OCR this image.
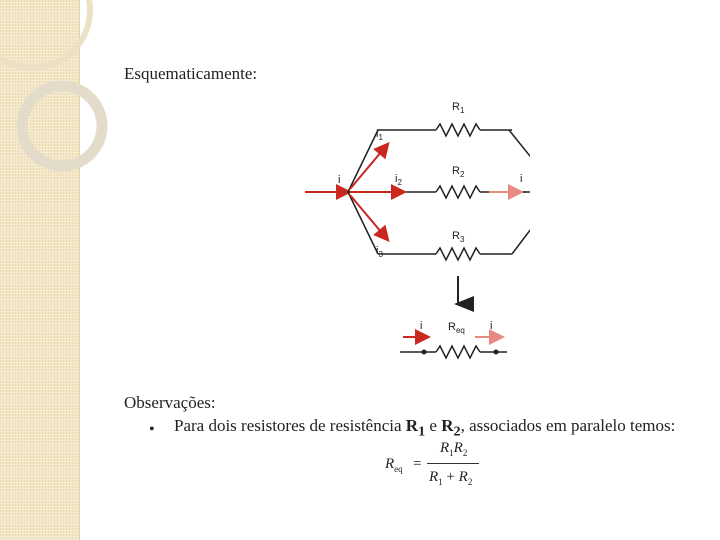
Esquematicamente:
i
$i_1$
$i_2$
$i_3$
$R_1$
$R_2$
$R_3$
i
i $R_{eq}$ i
Observações:
• Para dois resistores de resistência $R_1$ e $R_2$, associados em paralelo temos:
$R_{eq}$ =
$R_1R_2$
$R_1 + R_2$
